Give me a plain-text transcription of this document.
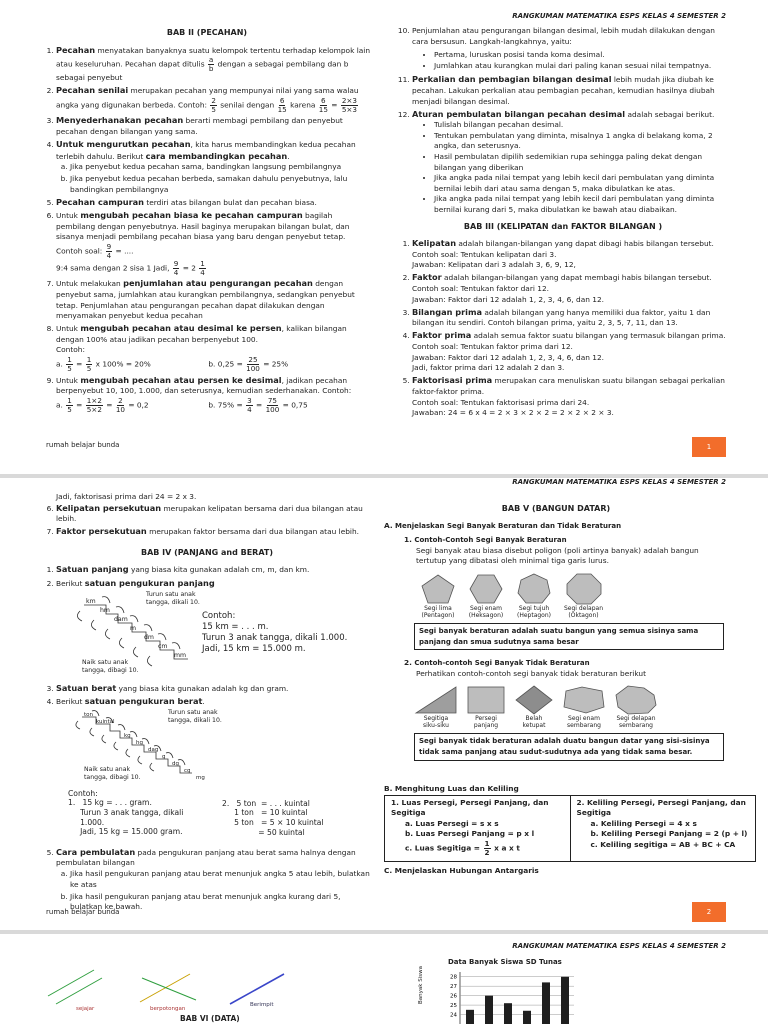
RANGKUMAN MATEMATIKA ESPS KELAS 4 SEMESTER 2
BAB II (PECAHAN)
1. Pecahan menyatakan banyaknya suatu kelompok tertentu terhadap kelompok lain atau keseluruhan. Pecahan dapat ditulis $\frac{a}{b}$ dengan a sebagai pembilang dan b sebagai penyebut
2. Pecahan senilai merupakan pecahan yang mempunyai nilai yang sama walau angka yang digunakan berbeda. Contoh: $\frac{2}{5}$ senilai dengan $\frac{6}{15}$ karena $\frac{6}{15} = \frac{2\times 3}{5\times 3}$
3. Menyederhanakan pecahan berarti membagi pembilang dan penyebut pecahan dengan bilangan yang sama.
4. Untuk mengurutkan pecahan, kita harus membandingkan kedua pecahan terlebih dahulu. Berikut cara membandingkan pecahan.
a. Jika penyebut kedua pecahan sama, bandingkan langsung pembilangnya
b. Jika penyebut kedua pecahan berbeda, samakan dahulu penyebutnya, lalu bandingkan pembilangnya
5. Pecahan campuran terdiri atas bilangan bulat dan pecahan biasa.
6. Untuk mengubah pecahan biasa ke pecahan campuran bagilah pembilang dengan penyebutnya. Hasil baginya merupakan bilangan bulat, dan sisanya menjadi pembilang pecahan biasa yang baru dengan penyebut tetap. Contoh soal: $\frac{9}{4}$ = ....
9:4 sama dengan 2 sisa 1 Jadi, $\frac{9}{4} = 2 \frac{1}{4}$
7. Untuk melakukan penjumlahan atau pengurangan pecahan dengan penyebut sama, jumlahkan atau kurangkan pembilangnya, sedangkan penyebut tetap. Penjumlahan atau pengurangan pecahan dapat dilakukan dengan menyamakan penyebut kedua pecahan
8. Untuk mengubah pecahan atau desimal ke persen, kalikan bilangan dengan 100% atau jadikan pecahan berpenyebut 100.
Contoh:
a. $\frac{1}{5} = \frac{1}{5}$ x 100% = 20%	b. $0,25 = \frac{25}{100} = 25\%$
9. Untuk mengubah pecahan atau persen ke desimal, jadikan pecahan berpenyebut 10, 100, 1.000, dan seterusnya, kemudian sederhanakan. Contoh:
a. $\frac{1}{5} = \frac{1\times 2}{5\times 2} = \frac{2}{10} = 0,2$	b. $75\% = \frac{3}{4} = \frac{75}{100} = 0,75$
10. Penjumlahan atau pengurangan bilangan desimal, lebih mudah dilakukan dengan cara bersusun. Langkah-langkahnya, yaitu:
• Pertama, luruskan posisi tanda koma desimal.
• Jumlahkan atau kurangkan mulai dari paling kanan sesuai nilai tempatnya.
11. Perkalian dan pembagian bilangan desimal lebih mudah jika diubah ke pecahan. Lakukan perkalian atau pembagian pecahan, kemudian hasilnya diubah menjadi bilangan desimal.
12. Aturan pembulatan bilangan pecahan desimal adalah sebagai berikut.
• Tulislah bilangan pecahan desimal.
• Tentukan pembulatan yang diminta, misalnya 1 angka di belakang koma, 2 angka, dan seterusnya.
• Hasil pembulatan dipilih sedemikian rupa sehingga paling dekat dengan bilangan yang diberikan
• Jika angka pada nilai tempat yang lebih kecil dari pembulatan yang diminta bernilai lebih dari atau sama dengan 5, maka dibulatkan ke atas.
• Jika angka pada nilai tempat yang lebih kecil dari pembulatan yang diminta bernilai kurang dari 5, maka dibulatkan ke bawah atau diabaikan.
BAB III (KELIPATAN dan FAKTOR BILANGAN )
1. Kelipatan adalah bilangan-bilangan yang dapat dibagi habis bilangan tersebut.
Contoh soal: Tentukan kelipatan dari 3.
Jawaban: Kelipatan dari 3 adalah 3, 6, 9, 12,
2. Faktor adalah bilangan-bilangan yang dapat membagi habis bilangan tersebut.
Contoh soal: Tentukan faktor dari 12.
Jawaban: Faktor dari 12 adalah 1, 2, 3, 4, 6, dan 12.
3. Bilangan prima adalah bilangan yang hanya memiliki dua faktor, yaitu 1 dan bilangan itu sendiri. Contoh bilangan prima, yaitu 2, 3, 5, 7, 11, dan 13.
4. Faktor prima adalah semua faktor suatu bilangan yang termasuk bilangan prima.
Contoh soal: Tentukan faktor prima dari 12.
Jawaban: Faktor dari 12 adalah 1, 2, 3, 4, 6, dan 12.
Jadi, faktor prima dari 12 adalah 2 dan 3.
5. Faktorisasi prima merupakan cara menuliskan suatu bilangan sebagai perkalian faktor-faktor prima.
Contoh soal: Tentukan faktorisasi prima dari 24.
Jawaban: 24 = 6 x 4 = 2 × 3 × 2 × 2 = 2 × 2 × 2 × 3.
rumah belajar bunda	1
RANGKUMAN MATEMATIKA ESPS KELAS 4 SEMESTER 2
Jadi, faktorisasi prima dari 24 = 2 x 3.
6. Kelipatan persekutuan merupakan kelipatan bersama dari dua bilangan atau lebih.
7. Faktor persekutuan merupakan faktor bersama dari dua bilangan atau lebih.
BAB IV (PANJANG and BERAT)
1. Satuan panjang yang biasa kita gunakan adalah cm, m, dan km.
2. Berikut satuan pengukuran panjang
km
hm
dam
m
dm
cm
mm
Turun satu anak tangga, dikali 10.
Naik satu anak tangga, dibagi 10.
Contoh:
15 km = . . . m.
Turun 3 anak tangga, dikali 1.000.
Jadi, 15 km = 15.000 m.
3. Satuan berat yang biasa kita gunakan adalah kg dan gram.
4. Berikut satuan pengukuran berat.
ton
kuintal
kg
hg
dag
g
dg
cg
mg
Turun satu anak tangga, dikali 10.
Naik satu anak tangga, dibagi 10.
Contoh:
1.   15 kg = . . . gram.
Turun 3 anak tangga, dikali
1.000.
Jadi, 15 kg = 15.000 gram.
2.   5 ton  = . . . kuintal
1 ton   = 10 kuintal
5 ton   = 5 × 10 kuintal
= 50 kuintal
5. Cara pembulatan pada pengukuran panjang atau berat sama halnya dengan pembulatan bilangan
a. Jika hasil pengukuran panjang atau berat menunjuk angka 5 atau lebih, bulatkan ke atas
b. Jika hasil pengukuran panjang atau berat menunjuk angka kurang dari 5, bulatkan ke bawah.
BAB V (BANGUN DATAR)
A. Menjelaskan Segi Banyak Beraturan dan Tidak Beraturan
1. Contoh-Contoh Segi Banyak Beraturan
Segi banyak atau biasa disebut poligon (poli artinya banyak) adalah bangun tertutup yang dibatasi oleh minimal tiga garis lurus.
Segi lima
(Pentagon)
Segi enam
(Heksagon)
Segi tujuh
(Heptagon)
Segi delapan
(Oktagon)
Segi banyak beraturan adalah suatu bangun yang semua sisinya sama panjang dan smua sudutnya sama besar
2. Contoh-contoh Segi Banyak Tidak Beraturan
Perhatikan contoh-contoh segi banyak tidak beraturan berikut
Segitiga
siku-siku
Persegi
panjang
Belah
ketupat
Segi enam
sembarang
Segi delapan
sembarang
Segi banyak tidak beraturan adalah duatu bangun datar yang sisi-sisinya tidak sama panjang atau sudut-sudutnya ada yang tidak sama besar.
B. Menghitung Luas dan Keliling
1. Luas Persegi, Persegi Panjang, dan Segitiga
a. Luas Persegi = s x s
b. Luas Persegi Panjang = p x l
c. Luas Segitiga = $\frac{1}{2}$ x a x t

2. Keliling Persegi, Persegi Panjang, dan Segitiga
a. Keliling Persegi = 4 x s
b. Keliling Persegi Panjang = 2 (p + l)
c. Keliling segitiga = AB + BC + CA
C. Menjelaskan Hubungan Antargaris
rumah belajar bunda	2
RANGKUMAN MATEMATIKA ESPS KELAS 4 SEMESTER 2
sejajar	berpotongan
Berimpit
BAB VI (DATA)
Data Banyak Siswa SD Tunas
Banyak Siswa	28
27
26
25
24
